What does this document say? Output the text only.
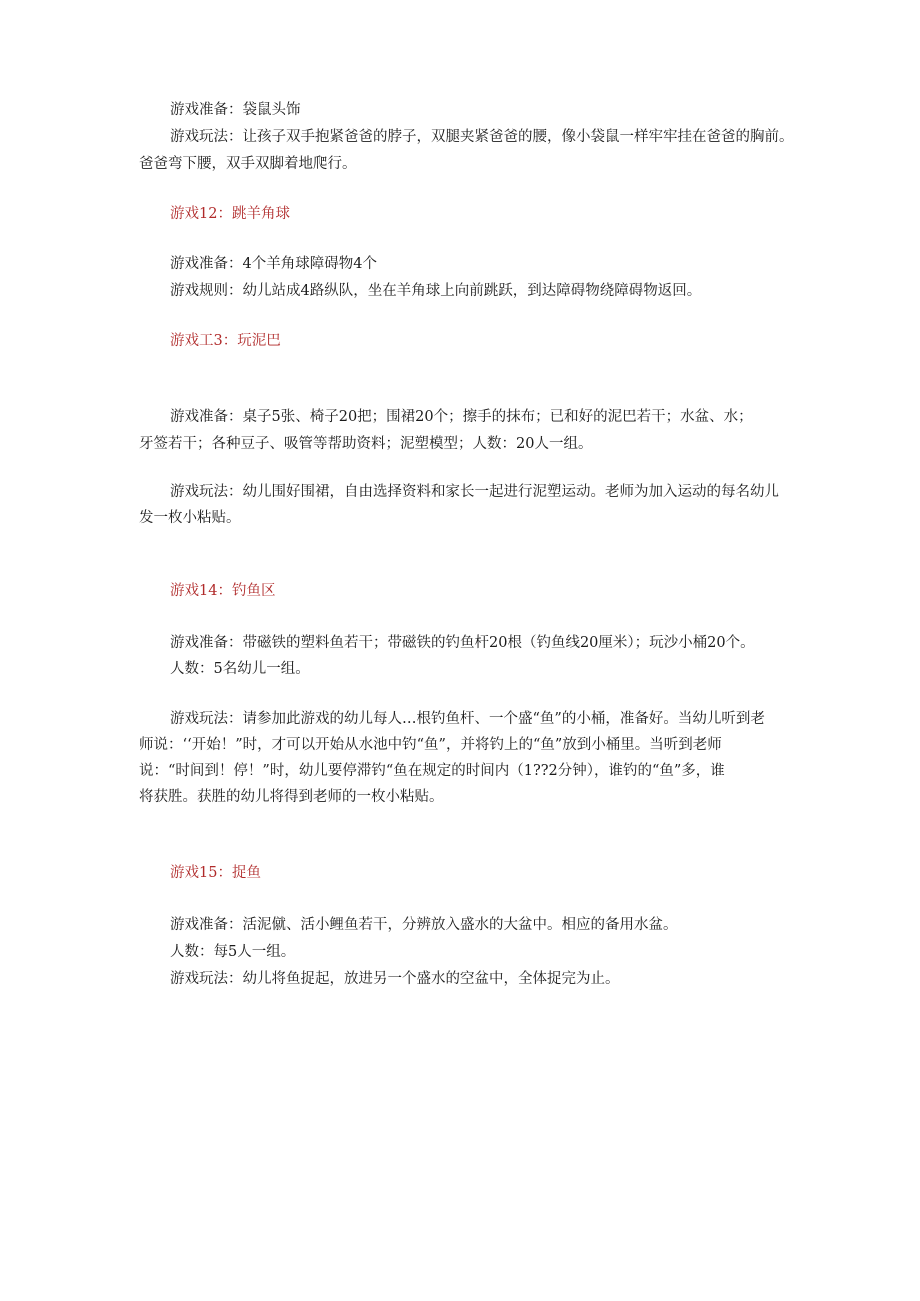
游戏准备：袋鼠头饰

游戏玩法：让孩子双手抱紧爸爸的脖子，双腿夹紧爸爸的腰，像小袋鼠一样牢牢挂在爸爸的胸前。

爸爸弯下腰，双手双脚着地爬行。

游戏12：跳羊角球

游戏准备：4个羊角球障碍物4个

游戏规则：幼儿站成4路纵队，坐在羊角球上向前跳跃，到达障碍物绕障碍物返回。

游戏工3：玩泥巴

游戏准备：桌子5张、椅子20把；围裙20个；擦手的抹布；已和好的泥巴若干；水盆、水；

牙签若干；各种豆子、吸管等帮助资料；泥塑模型；人数：20人一组。

游戏玩法：幼儿围好围裙，自由选择资料和家长一起进行泥塑运动。老师为加入运动的每名幼儿

发一枚小粘贴。

游戏14：钓鱼区

游戏准备：带磁铁的塑料鱼若干；带磁铁的钓鱼杆20根（钓鱼线20厘米）；玩沙小桶20个。

人数：5名幼儿一组。

游戏玩法：请参加此游戏的幼儿每人…根钓鱼杆、一个盛“鱼”的小桶，准备好。当幼儿听到老

师说：‘‘开始！”时，才可以开始从水池中钓“鱼”，并将钓上的“鱼”放到小桶里。当听到老师

说：“时间到！停！”时，幼儿要停滞钓“鱼在规定的时间内（1??2分钟），谁钓的“鱼”多，谁

将获胜。获胜的幼儿将得到老师的一枚小粘贴。

游戏15：捉鱼

游戏准备：活泥僦、活小鲤鱼若干，分辨放入盛水的大盆中。相应的备用水盆。

人数：每5人一组。

游戏玩法：幼儿将鱼捉起，放进另一个盛水的空盆中，全体捉完为止。
